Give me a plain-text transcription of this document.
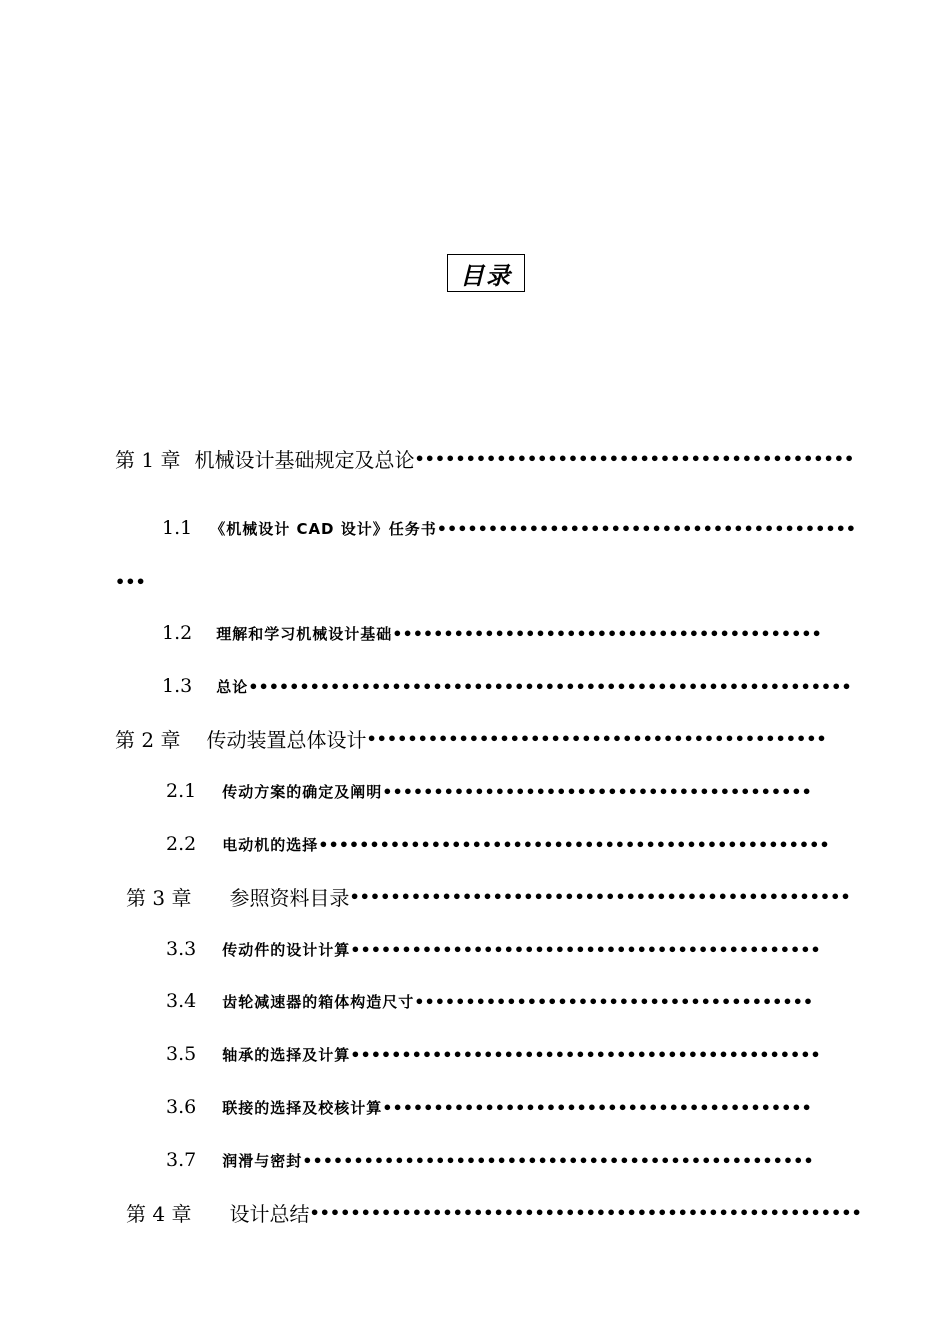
目录
第 1 章 机械设计基础规定及总论 •••••••••••••••••••••••••••••••••••••••••••
1.1 《机械设计 CAD 设计》任务书 •••••••••••••••••••••••••••••••••••••••••
•••
1.2 理解和学习机械设计基础 ••••••••••••••••••••••••••••••••••••••••••
1.3 总论 •••••••••••••••••••••••••••••••••••••••••••••••••••••••••••
第 2 章 传动装置总体设计 •••••••••••••••••••••••••••••••••••••••••••••
2.1 传动方案的确定及阐明 ••••••••••••••••••••••••••••••••••••••••••
2.2 电动机的选择 ••••••••••••••••••••••••••••••••••••••••••••••••••
第 3 章 参照资料目录 •••••••••••••••••••••••••••••••••••••••••••••••••
3.3 传动件的设计计算 ••••••••••••••••••••••••••••••••••••••••••••••
3.4 齿轮减速器的箱体构造尺寸 •••••••••••••••••••••••••••••••••••••••
3.5 轴承的选择及计算 ••••••••••••••••••••••••••••••••••••••••••••••
3.6 联接的选择及校核计算 ••••••••••••••••••••••••••••••••••••••••••
3.7 润滑与密封 ••••••••••••••••••••••••••••••••••••••••••••••••••
第 4 章 设计总结 ••••••••••••••••••••••••••••••••••••••••••••••••••••••
